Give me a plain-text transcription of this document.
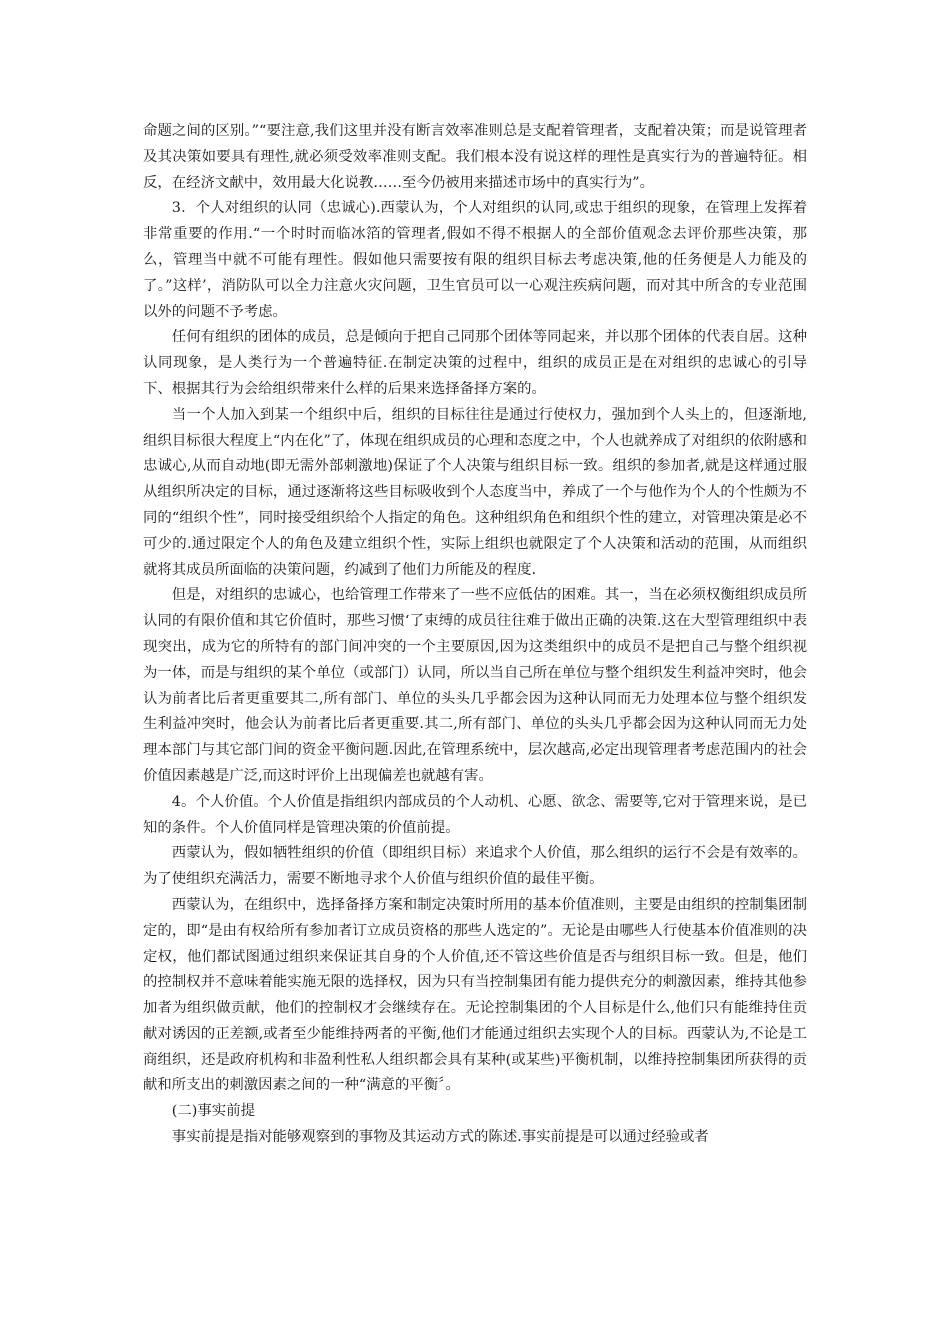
命题之间的区别。”“要注意,我们这里并没有断言效率准则总是支配着管理者，支配着决策；而是说管理者及其决策如要具有理性,就必须受效率准则支配。我们根本没有说这样的理性是真实行为的普遍特征。相反，在经济文献中，效用最大化说教……至今仍被用来描述市场中的真实行为”。

3．个人对组织的认同（忠诚心).西蒙认为，个人对组织的认同,或忠于组织的现象，在管理上发挥着非常重要的作用.“一个时时而临冰箔的管理者,假如不得不根据人的全部价值观念去评价那些决策，那么，管理当中就不可能有理性。假如他只需要按有限的组织目标去考虑决策,他的任务便是人力能及的了。”这样’，消防队可以全力注意火灾问题，卫生官员可以一心观注疾病问题，而对其中所含的专业范围以外的问题不予考虑。

任何有组织的团体的成员，总是倾向于把自己同那个团体等同起来，并以那个团体的代表自居。这种认同现象，是人类行为一个普遍特征.在制定决策的过程中，组织的成员正是在对组织的忠诚心的引导下、根据其行为会给组织带来什么样的后果来选择备择方案的。

当一个人加入到某一个组织中后，组织的目标往往是通过行使权力，强加到个人头上的，但逐渐地,组织目标很大程度上“内在化”了，体现在组织成员的心理和态度之中，个人也就养成了对组织的依附感和忠诚心,从而自动地(即无需外部刺激地)保证了个人决策与组织目标一致。组织的参加者,就是这样通过服从组织所决定的目标，通过逐渐将这些目标吸收到个人态度当中，养成了一个与他作为个人的个性颇为不同的“组织个性”，同时接受组织给个人指定的角色。这种组织角色和组织个性的建立，对管理决策是必不可少的.通过限定个人的角色及建立组织个性，实际上组织也就限定了个人决策和活动的范围，从而组织就将其成员所面临的决策问题，约减到了他们力所能及的程度.

但是，对组织的忠诚心，也给管理工作带来了一些不应低估的困难。其一，当在必须权衡组织成员所认同的有限价值和其它价值时，那些习惯‘了束缚的成员往往难于做出正确的决策.这在大型管理组织中表现突出，成为它的所特有的部门间冲突的一个主要原因,因为这类组织中的成员不是把自己与整个组织视为一体，而是与组织的某个单位（或部门）认同，所以当自己所在单位与整个组织发生利益冲突时，他会认为前者比后者更重要其二,所有部门、单位的头头几乎都会因为这种认同而无力处理本位与整个组织发生利益冲突时，他会认为前者比后者更重要.其二,所有部门、单位的头头几乎都会因为这种认同而无力处理本部门与其它部门间的资金平衡问题.因此,在管理系统中，层次越高,必定出现管理者考虑范围内的社会价值因素越是广泛,而这时评价上出现偏差也就越有害。

4。个人价值。个人价值是指组织内部成员的个人动机、心愿、欲念、需要等,它对于管理来说，是已知的条件。个人价值同样是管理决策的价值前提。

西蒙认为，假如牺牲组织的价值（即组织目标）来追求个人价值，那么组织的运行不会是有效率的。为了使组织充满活力，需要不断地寻求个人价值与组织价值的最佳平衡。

西蒙认为，在组织中，选择备择方案和制定决策时所用的基本价值准则，主要是由组织的控制集团制定的，即“是由有权给所有参加者订立成员资格的那些人选定的”。无论是由哪些人行使基本价值准则的决定权，他们都试图通过组织来保证其自身的个人价值,还不管这些价值是否与组织目标一致。但是，他们的控制权并不意味着能实施无限的选择权，因为只有当控制集团有能力提供充分的刺激因素，维持其他参加者为组织做贡献，他们的控制权才会继续存在。无论控制集团的个人目标是什么,他们只有能维持住贡献对诱因的正差额,或者至少能维持两者的平衡,他们才能通过组织去实现个人的目标。西蒙认为,不论是工商组织，还是政府机构和非盈利性私人组织都会具有某种(或某些)平衡机制，以维持控制集团所获得的贡献和所支出的刺激因素之间的一种“满意的平衡〞。

(二)事实前提

事实前提是指对能够观察到的事物及其运动方式的陈述.事实前提是可以通过经验或者
